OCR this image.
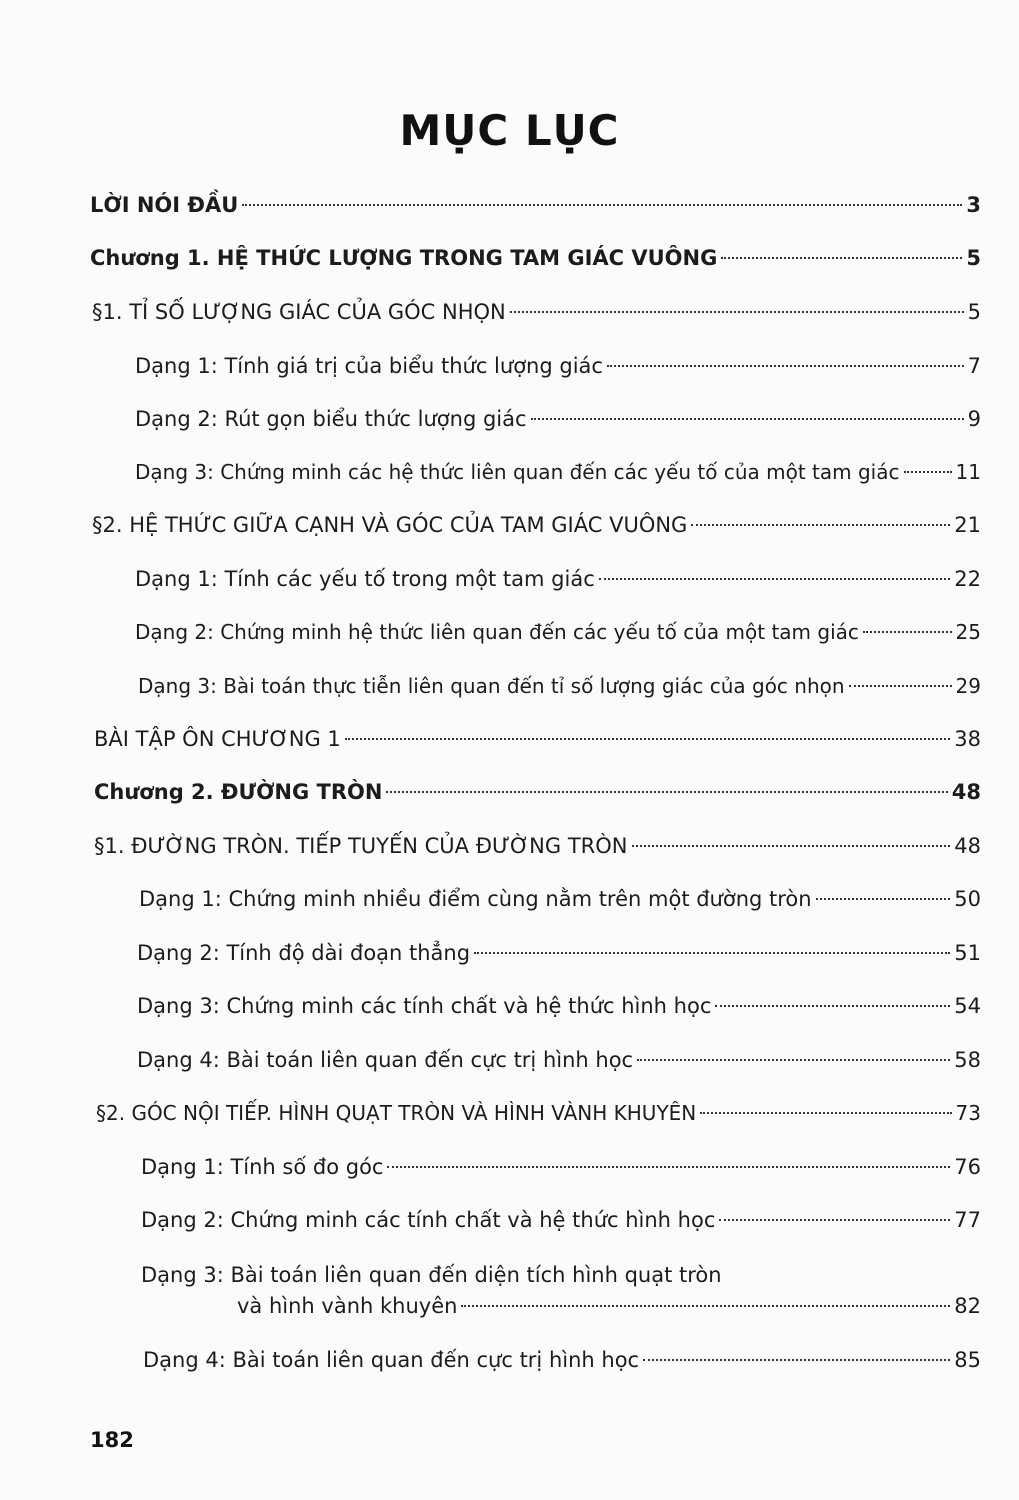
MỤC LỤC
LỜI NÓI ĐẦU	3
Chương 1. HỆ THỨC LƯỢNG TRONG TAM GIÁC VUÔNG	5
§1. TỈ SỐ LƯỢNG GIÁC CỦA GÓC NHỌN	5
Dạng 1: Tính giá trị của biểu thức lượng giác	7
Dạng 2: Rút gọn biểu thức lượng giác	9
Dạng 3: Chứng minh các hệ thức liên quan đến các yếu tố của một tam giác	11
§2. HỆ THỨC GIỮA CẠNH VÀ GÓC CỦA TAM GIÁC VUÔNG	21
Dạng 1: Tính các yếu tố trong một tam giác	22
Dạng 2: Chứng minh hệ thức liên quan đến các yếu tố của một tam giác	25
Dạng 3: Bài toán thực tiễn liên quan đến tỉ số lượng giác của góc nhọn	29
BÀI TẬP ÔN CHƯƠNG 1	38
Chương 2. ĐƯỜNG TRÒN	48
§1. ĐƯỜNG TRÒN. TIẾP TUYẾN CỦA ĐƯỜNG TRÒN	48
Dạng 1: Chứng minh nhiều điểm cùng nằm trên một đường tròn	50
Dạng 2: Tính độ dài đoạn thẳng	51
Dạng 3: Chứng minh các tính chất và hệ thức hình học	54
Dạng 4: Bài toán liên quan đến cực trị hình học	58
§2. GÓC NỘI TIẾP. HÌNH QUẠT TRÒN VÀ HÌNH VÀNH KHUYÊN	73
Dạng 1: Tính số đo góc	76
Dạng 2: Chứng minh các tính chất và hệ thức hình học	77
Dạng 3: Bài toán liên quan đến diện tích hình quạt tròn
và hình vành khuyên	82
Dạng 4: Bài toán liên quan đến cực trị hình học	85
182
